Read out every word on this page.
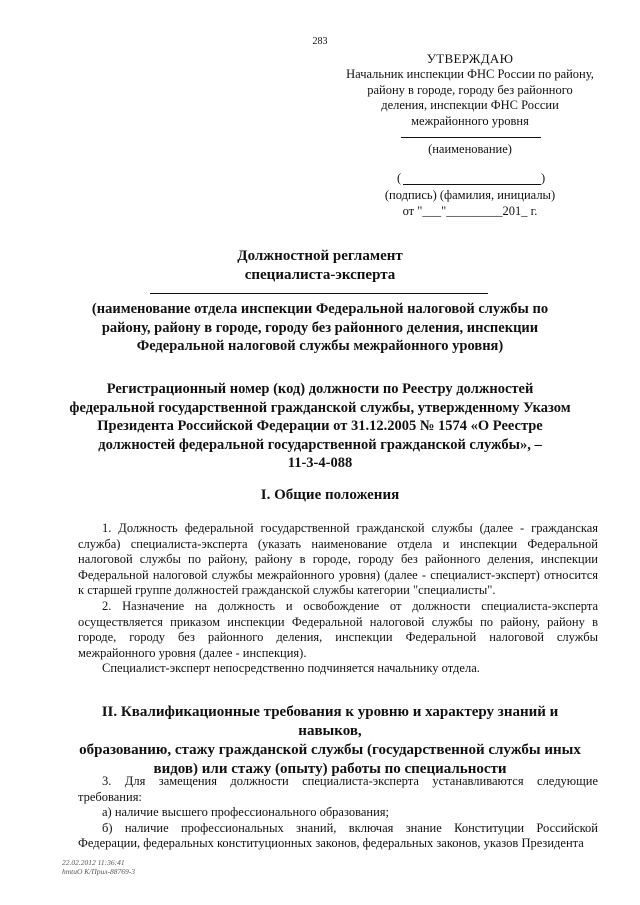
283
УТВЕРЖДАЮ
Начальник инспекции ФНС России по району,
району в городе, городу без районного
деления, инспекции ФНС России
межрайонного уровня
(наименование)
(	)
(подпись) (фамилия, инициалы)
от "___"_________201_ г.
Должностной регламент
специалиста-эксперта
(наименование отдела инспекции Федеральной налоговой службы по
району, району в городе, городу без районного деления, инспекции
Федеральной налоговой службы межрайонного уровня)
Регистрационный номер (код) должности по Реестру должностей
федеральной государственной гражданской службы, утвержденному Указом
Президента Российской Федерации от 31.12.2005 № 1574 «О Реестре
должностей федеральной государственной гражданской службы», –
11-3-4-088
I. Общие положения

1. Должность федеральной государственной гражданской службы (далее - гражданская служба) специалиста-эксперта (указать наименование отдела и инспекции Федеральной налоговой службы по району, району в городе, городу без районного деления, инспекции Федеральной налоговой службы межрайонного уровня) (далее - специалист-эксперт) относится к старшей группе должностей гражданской службы категории "специалисты".

2. Назначение на должность и освобождение от должности специалиста-эксперта осуществляется приказом инспекции Федеральной налоговой службы по району, району в городе, городу без районного деления, инспекции Федеральной налоговой службы межрайонного уровня (далее - инспекция).

Специалист-эксперт непосредственно подчиняется начальнику отдела.

II. Квалификационные требования к уровню и характеру знаний и навыков,
образованию, стажу гражданской службы (государственной службы иных
видов) или стажу (опыту) работы по специальности

3. Для замещения должности специалиста-эксперта устанавливаются следующие требования:

а) наличие высшего профессионального образования;

б) наличие профессиональных знаний, включая знание Конституции Российской Федерации, федеральных конституционных законов, федеральных законов, указов Президента

22.02.2012 11:36:41
hmtuО К/Прил-88769-3
